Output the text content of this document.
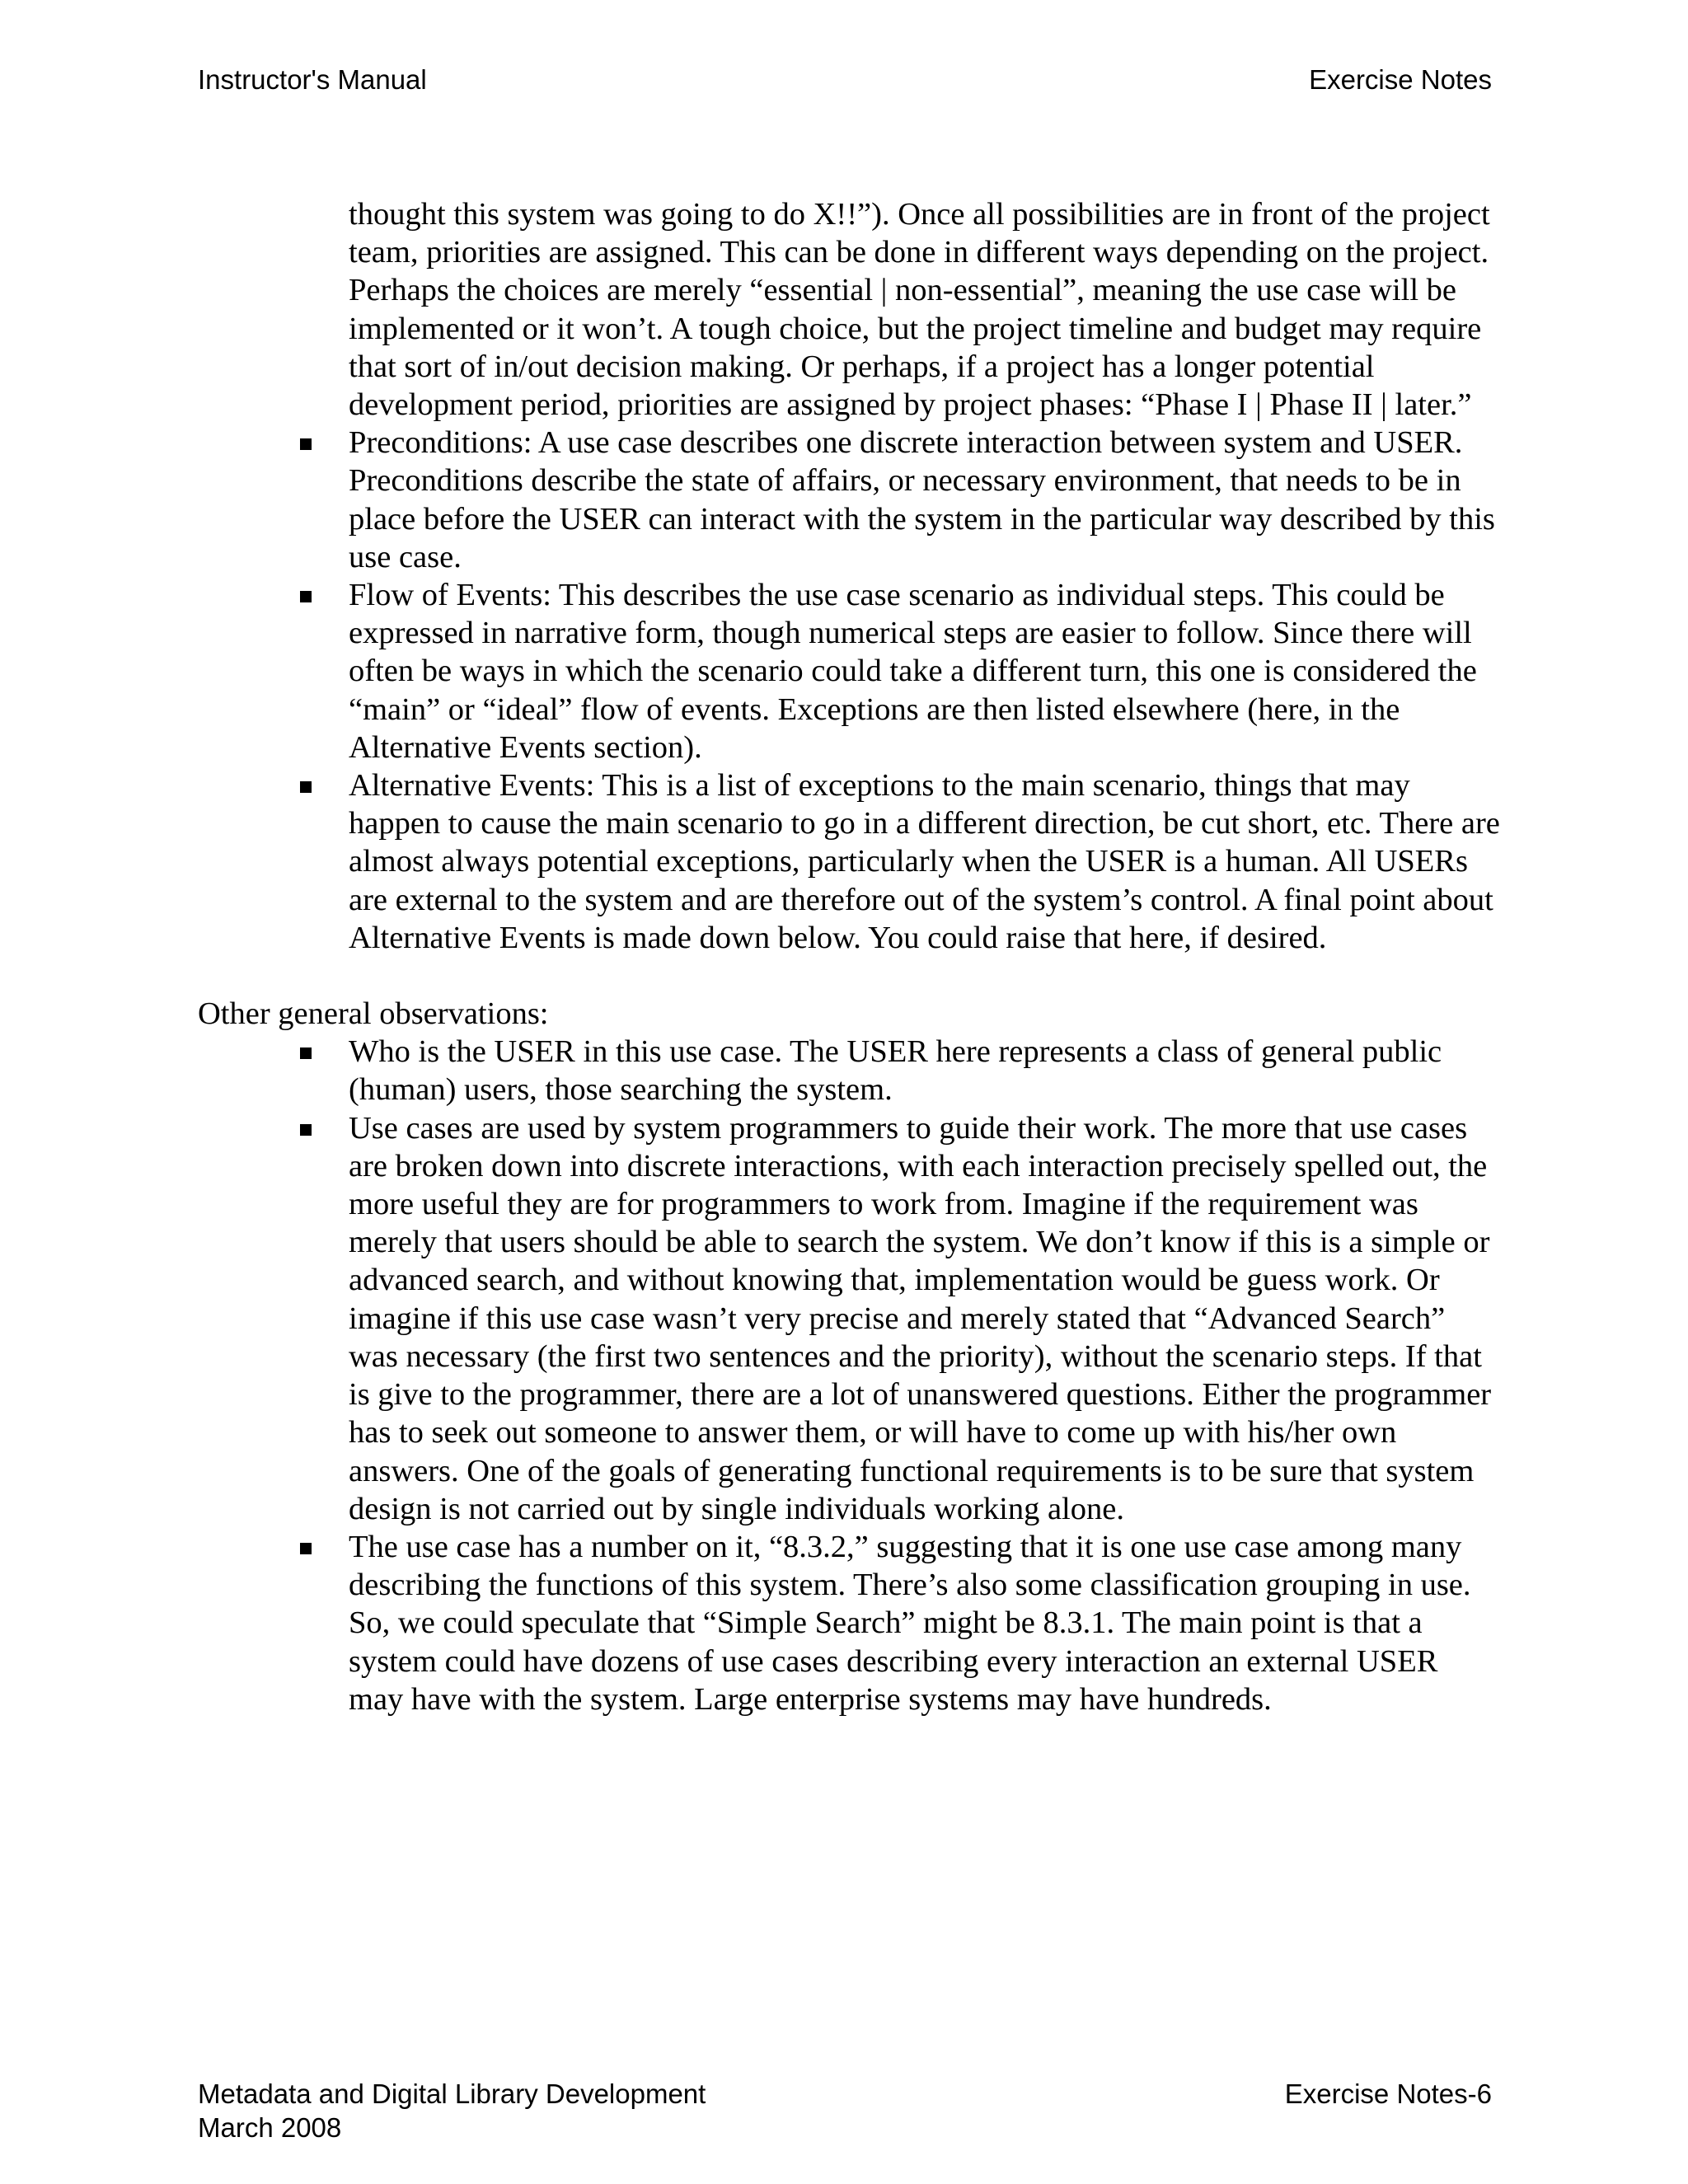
Instructor's Manual	Exercise Notes

thought this system was going to do X!!”). Once all possibilities are in front of the project team, priorities are assigned. This can be done in different ways depending on the project. Perhaps the choices are merely “essential | non-essential”, meaning the use case will be implemented or it won’t. A tough choice, but the project timeline and budget may require that sort of in/out decision making. Or perhaps, if a project has a longer potential development period, priorities are assigned by project phases: “Phase I | Phase II | later.”

Preconditions: A use case describes one discrete interaction between system and USER. Preconditions describe the state of affairs, or necessary environment, that needs to be in place before the USER can interact with the system in the particular way described by this use case.
Flow of Events: This describes the use case scenario as individual steps. This could be expressed in narrative form, though numerical steps are easier to follow. Since there will often be ways in which the scenario could take a different turn, this one is considered the “main” or “ideal” flow of events. Exceptions are then listed elsewhere (here, in the Alternative Events section).
Alternative Events: This is a list of exceptions to the main scenario, things that may happen to cause the main scenario to go in a different direction, be cut short, etc. There are almost always potential exceptions, particularly when the USER is a human. All USERs are external to the system and are therefore out of the system’s control. A final point about Alternative Events is made down below. You could raise that here, if desired.

Other general observations:

Who is the USER in this use case. The USER here represents a class of general public (human) users, those searching the system.
Use cases are used by system programmers to guide their work. The more that use cases are broken down into discrete interactions, with each interaction precisely spelled out, the more useful they are for programmers to work from. Imagine if the requirement was merely that users should be able to search the system. We don’t know if this is a simple or advanced search, and without knowing that, implementation would be guess work. Or imagine if this use case wasn’t very precise and merely stated that “Advanced Search” was necessary (the first two sentences and the priority), without the scenario steps. If that is give to the programmer, there are a lot of unanswered questions. Either the programmer has to seek out someone to answer them, or will have to come up with his/her own answers. One of the goals of generating functional requirements is to be sure that system design is not carried out by single individuals working alone.
The use case has a number on it, “8.3.2,” suggesting that it is one use case among many describing the functions of this system. There’s also some classification grouping in use. So, we could speculate that “Simple Search” might be 8.3.1. The main point is that a system could have dozens of use cases describing every interaction an external USER may have with the system. Large enterprise systems may have hundreds.
Metadata and Digital Library Development
March 2008
Exercise Notes-6
